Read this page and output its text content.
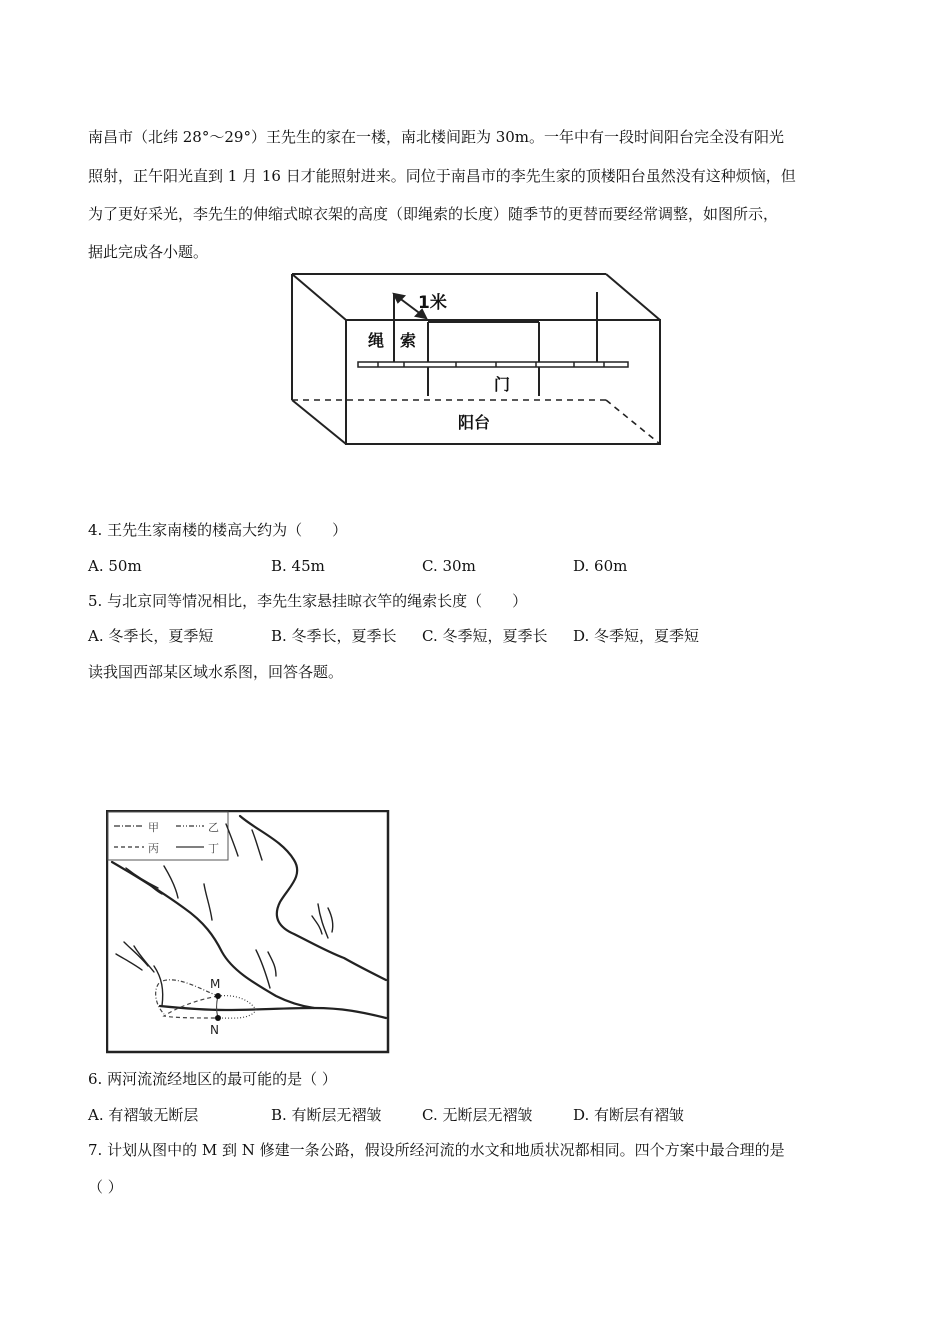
南昌市（北纬 28°～29°）王先生的家在一楼，南北楼间距为 30m。一年中有一段时间阳台完全没有阳光
照射，正午阳光直到 1 月 16 日才能照射进来。同位于南昌市的李先生家的顶楼阳台虽然没有这种烦恼，但
为了更好采光，李先生的伸缩式晾衣架的高度（即绳索的长度）随季节的更替而要经常调整，如图所示，
据此完成各小题。
1米
绳 索
门
阳台
4. 王先生家南楼的楼高大约为（　　）
A. 50m	B. 45m	C. 30m	D. 60m
5. 与北京同等情况相比，李先生家悬挂晾衣竿的绳索长度（　　）
A. 冬季长，夏季短	B. 冬季长，夏季长 C. 冬季短，夏季长 D. 冬季短，夏季短
读我国西部某区域水系图，回答各题。
甲	乙
丙	丁
M
N
6. 两河流流经地区的最可能的是（ ）
A. 有褶皱无断层	B. 有断层无褶皱	C. 无断层无褶皱	D. 有断层有褶皱
7. 计划从图中的 M 到 N 修建一条公路，假设所经河流的水文和地质状况都相同。四个方案中最合理的是
（ ）
